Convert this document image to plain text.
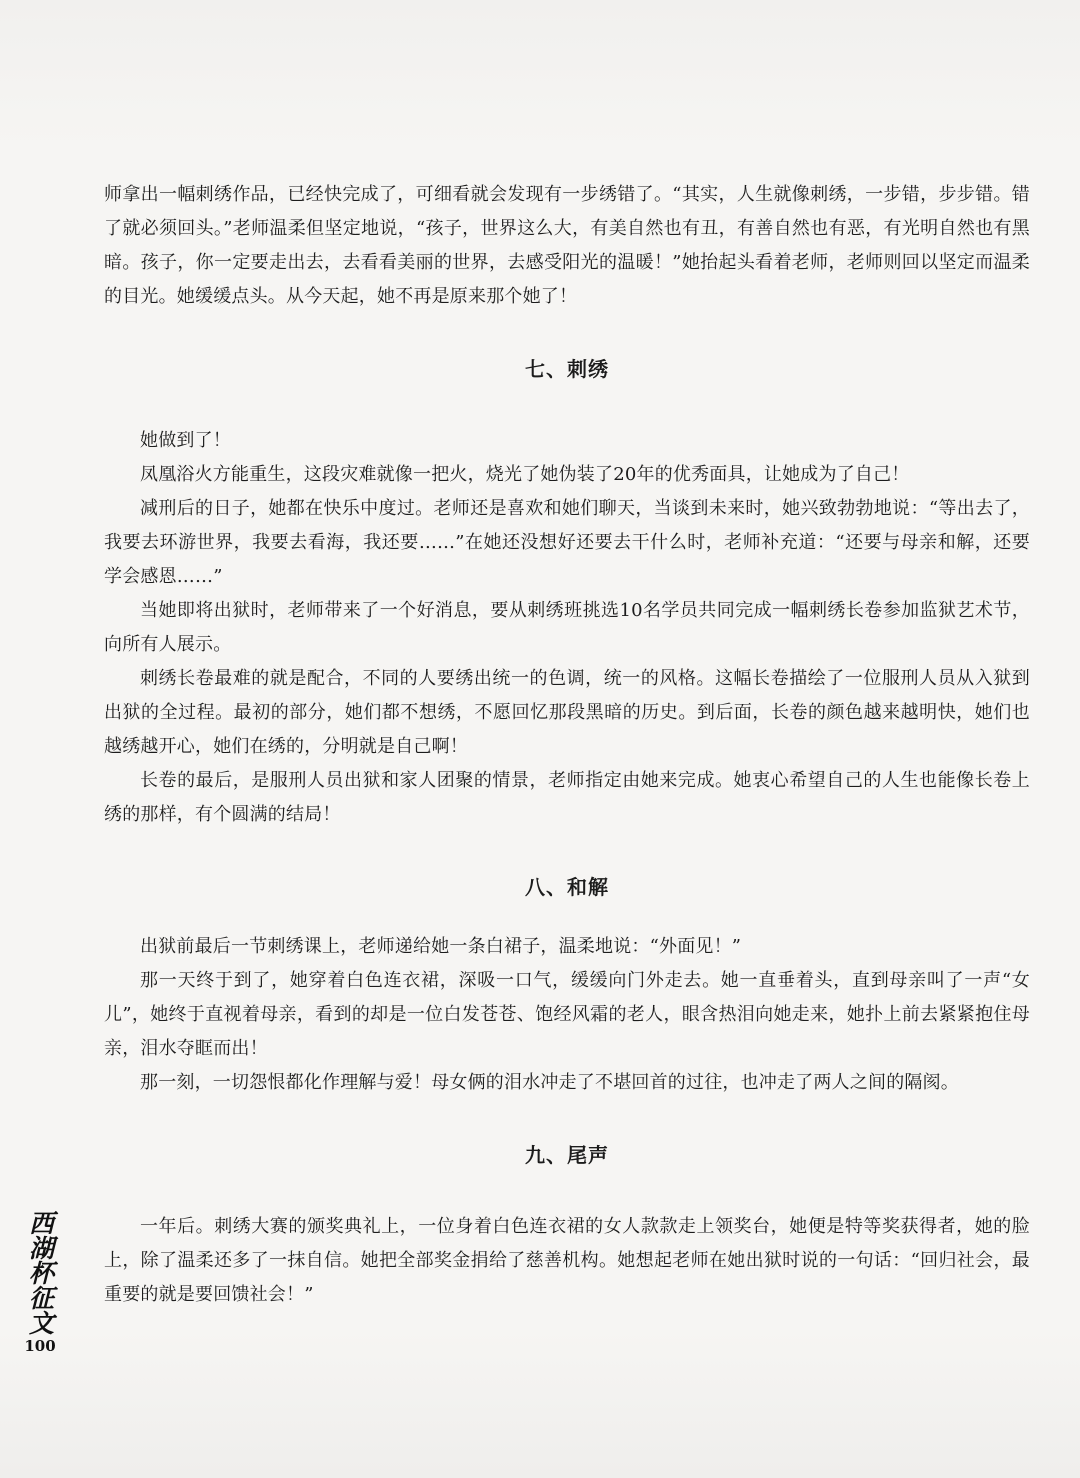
师拿出一幅刺绣作品，已经快完成了，可细看就会发现有一步绣错了。“其实，人生就像刺绣，一步错，步步错。错了就必须回头。”老师温柔但坚定地说，“孩子，世界这么大，有美自然也有丑，有善自然也有恶，有光明自然也有黑暗。孩子，你一定要走出去，去看看美丽的世界，去感受阳光的温暖！”她抬起头看着老师，老师则回以坚定而温柔的目光。她缓缓点头。从今天起，她不再是原来那个她了！

七、刺绣

她做到了！

凤凰浴火方能重生，这段灾难就像一把火，烧光了她伪装了20年的优秀面具，让她成为了自己！

减刑后的日子，她都在快乐中度过。老师还是喜欢和她们聊天，当谈到未来时，她兴致勃勃地说：“等出去了，我要去环游世界，我要去看海，我还要……”在她还没想好还要去干什么时，老师补充道：“还要与母亲和解，还要学会感恩……”

当她即将出狱时，老师带来了一个好消息，要从刺绣班挑选10名学员共同完成一幅刺绣长卷参加监狱艺术节，向所有人展示。

刺绣长卷最难的就是配合，不同的人要绣出统一的色调，统一的风格。这幅长卷描绘了一位服刑人员从入狱到出狱的全过程。最初的部分，她们都不想绣，不愿回忆那段黑暗的历史。到后面，长卷的颜色越来越明快，她们也越绣越开心，她们在绣的，分明就是自己啊！

长卷的最后，是服刑人员出狱和家人团聚的情景，老师指定由她来完成。她衷心希望自己的人生也能像长卷上绣的那样，有个圆满的结局！

八、和解

出狱前最后一节刺绣课上，老师递给她一条白裙子，温柔地说：“外面见！”

那一天终于到了，她穿着白色连衣裙，深吸一口气，缓缓向门外走去。她一直垂着头，直到母亲叫了一声“女儿”，她终于直视着母亲，看到的却是一位白发苍苍、饱经风霜的老人，眼含热泪向她走来，她扑上前去紧紧抱住母亲，泪水夺眶而出！

那一刻，一切怨恨都化作理解与爱！母女俩的泪水冲走了不堪回首的过往，也冲走了两人之间的隔阂。

九、尾声

一年后。刺绣大赛的颁奖典礼上，一位身着白色连衣裙的女人款款走上领奖台，她便是特等奖获得者，她的脸上，除了温柔还多了一抹自信。她把全部奖金捐给了慈善机构。她想起老师在她出狱时说的一句话：“回归社会，最重要的就是要回馈社会！”

西湖杯征文
100
